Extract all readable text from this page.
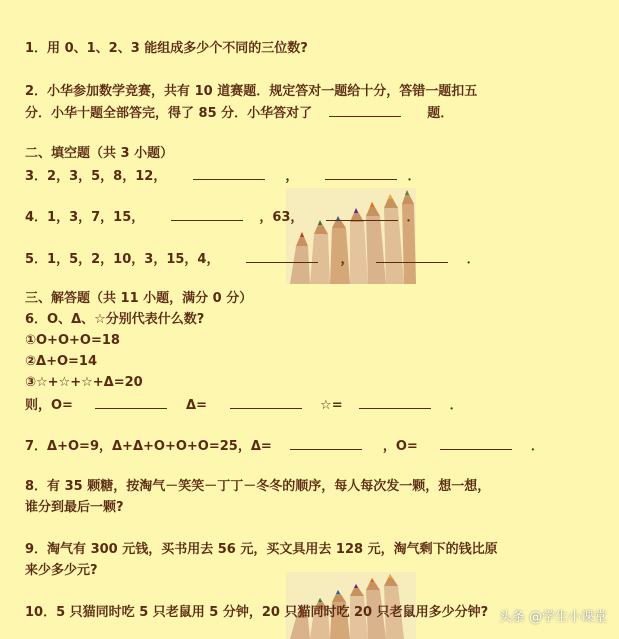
1．用 0、1、2、3 能组成多少个不同的三位数?
2．小华参加数学竞赛，共有 10 道赛题．规定答对一题给十分，答错一题扣五
分．小华十题全部答完，得了 85 分．小华答对了	题．
二、填空题（共 3 小题）
3．2，3，5，8，12，	，	．
4．1，3，7，15，	，63，	．
5．1，5，2，10，3，15，4，	，	．
三、解答题（共 11 小题，满分 0 分）
6．O、Δ、☆分别代表什么数?
①O+O+O=18
②Δ+O=14
③☆+☆+☆+Δ=20
则，O=	Δ=	☆=	．
7．Δ+O=9，Δ+Δ+O+O+O=25，Δ=	，O=	．
8．有 35 颗糖，按淘气－笑笑－丁丁－冬冬的顺序，每人每次发一颗，想一想，
谁分到最后一颗?
9．淘气有 300 元钱，买书用去 56 元，买文具用去 128 元，淘气剩下的钱比原
来少多少元?
10．5 只猫同时吃 5 只老鼠用 5 分钟，20 只猫同时吃 20 只老鼠用多少分钟? 头条 @学生小课堂
